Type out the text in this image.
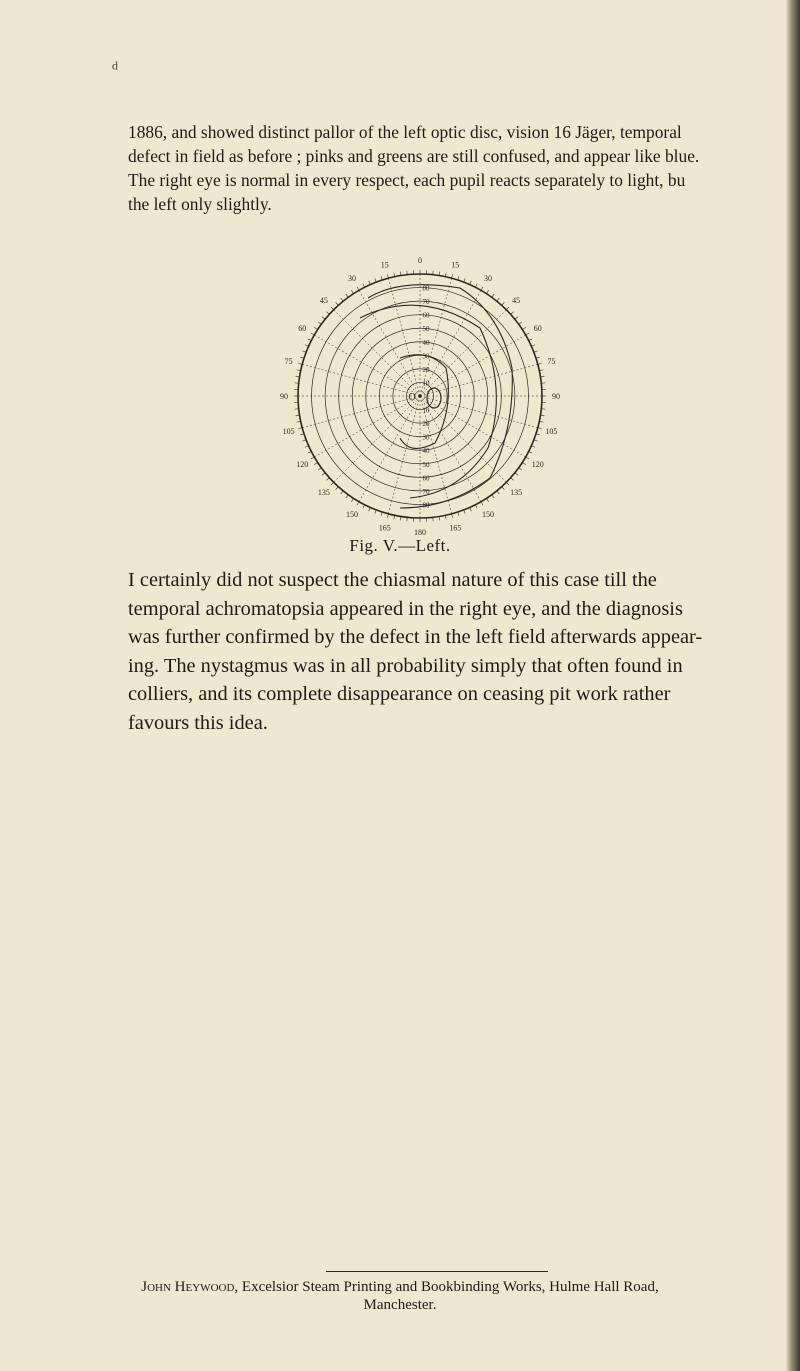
ᵈ

1886, and showed distinct pallor of the left optic disc, vision 16 Jäger, temporal
defect in field as before ; pinks and greens are still confused, and appear like blue.
The right eye is normal in every respect, each pupil reacts separately to light, bu
the left only slightly.

15
0
15
30
45
60
75
90
105
120
135
150
165
180
165
150
135
120
105
90
75
60
45
30
80
70
60
50
40
30
20
10
10
20
30
40
50
60
70
80
O
Fig. V.—Left.

I certainly did not suspect the chiasmal nature of this case till the
temporal achromatopsia appeared in the right eye, and the diagnosis
was further confirmed by the defect in the left field afterwards appear-
ing. The nystagmus was in all probability simply that often found in
colliers, and its complete disappearance on ceasing pit work rather
favours this idea.

John Heywood, Excelsior Steam Printing and Bookbinding Works, Hulme Hall Road,
Manchester.
